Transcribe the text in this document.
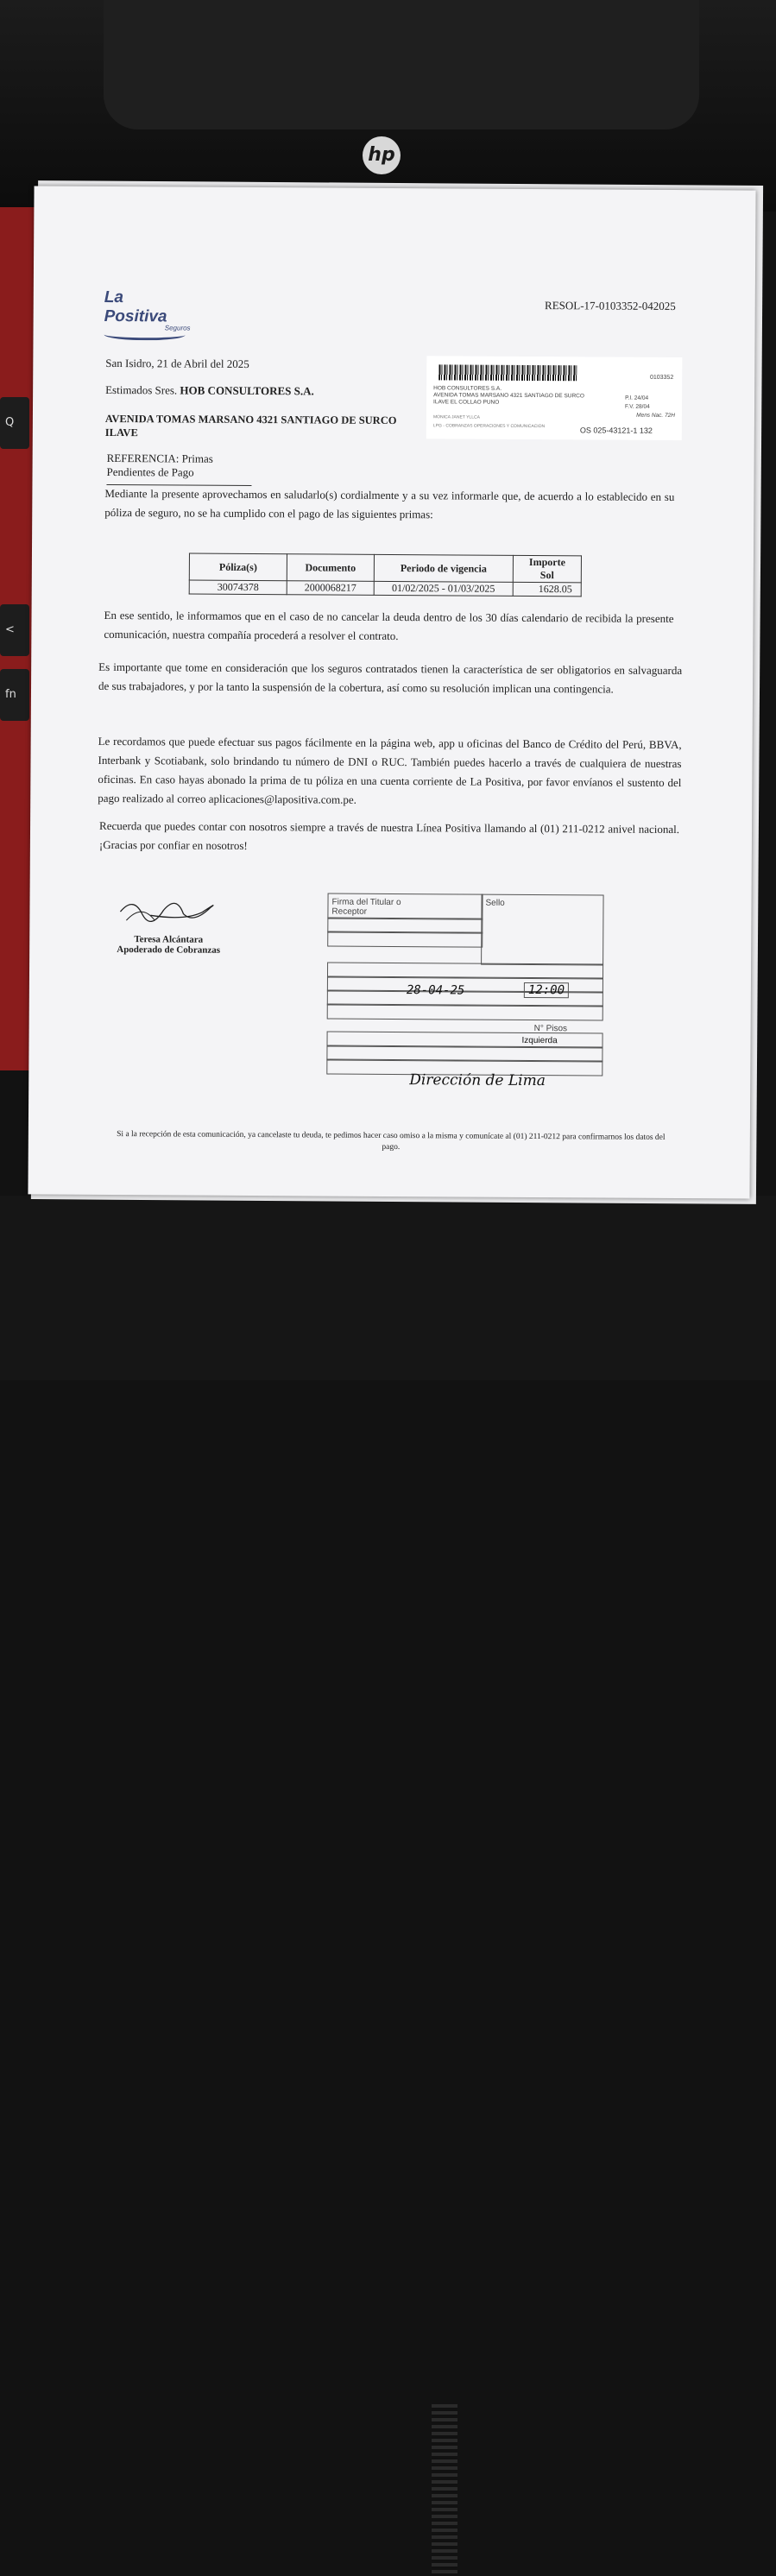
hp
Q
<
fn
La Positiva
Seguros
RESOL-17-0103352-042025
San Isidro, 21 de Abril del 2025
Estimados Sres. HOB CONSULTORES S.A.
AVENIDA TOMAS MARSANO 4321 SANTIAGO DE SURCO
ILAVE
REFERENCIA: Primas Pendientes de Pago
0103352
HOB CONSULTORES S.A.
AVENIDA TOMAS MARSANO 4321 SANTIAGO DE SURCO
ILAVE EL COLLAO PUNO
MONICA JANET YLLCA
LPG - COBRANZAS OPERACIONES Y COMUNICACION
P.I. 24/04
F.V. 28/04
Mens Nac. 72H
OS 025-43121-1 132
Mediante la presente aprovechamos en saludarlo(s) cordialmente y a su vez informarle que, de acuerdo a lo establecido en su póliza de seguro, no se ha cumplido con el pago de las siguientes primas:
Póliza(s)	Documento	Periodo de vigencia	Importe Sol
30074378	2000068217	01/02/2025 - 01/03/2025	1628.05
En ese sentido, le informamos que en el caso de no cancelar la deuda dentro de los 30 días calendario de recibida la presente comunicación, nuestra compañía procederá a resolver el contrato.
Es importante que tome en consideración que los seguros contratados tienen la característica de ser obligatorios en salvaguarda de sus trabajadores, y por la tanto la suspensión de la cobertura, así como su resolución implican una contingencia.
Le recordamos que puede efectuar sus pagos fácilmente en la página web, app u oficinas del Banco de Crédito del Perú, BBVA, Interbank y Scotiabank, solo brindando tu número de DNI o RUC. También puedes hacerlo a través de cualquiera de nuestras oficinas. En caso hayas abonado la prima de tu póliza en una cuenta corriente de La Positiva, por favor envíanos el sustento del pago realizado al correo aplicaciones@lapositiva.com.pe.
Recuerda que puedes contar con nosotros siempre a través de nuestra Línea Positiva llamando al (01) 211-0212 anivel nacional. ¡Gracias por confiar en nosotros!
Teresa Alcántara
Apoderado de Cobranzas
Firma del Titular o Receptor
Sello
28-04-25	12:00
N° Pisos
Izquierda
Dirección de Lima
Si a la recepción de esta comunicación, ya cancelaste tu deuda, te pedimos hacer caso omiso a la misma y comunícate al (01) 211-0212 para confirmarnos los datos del pago.
